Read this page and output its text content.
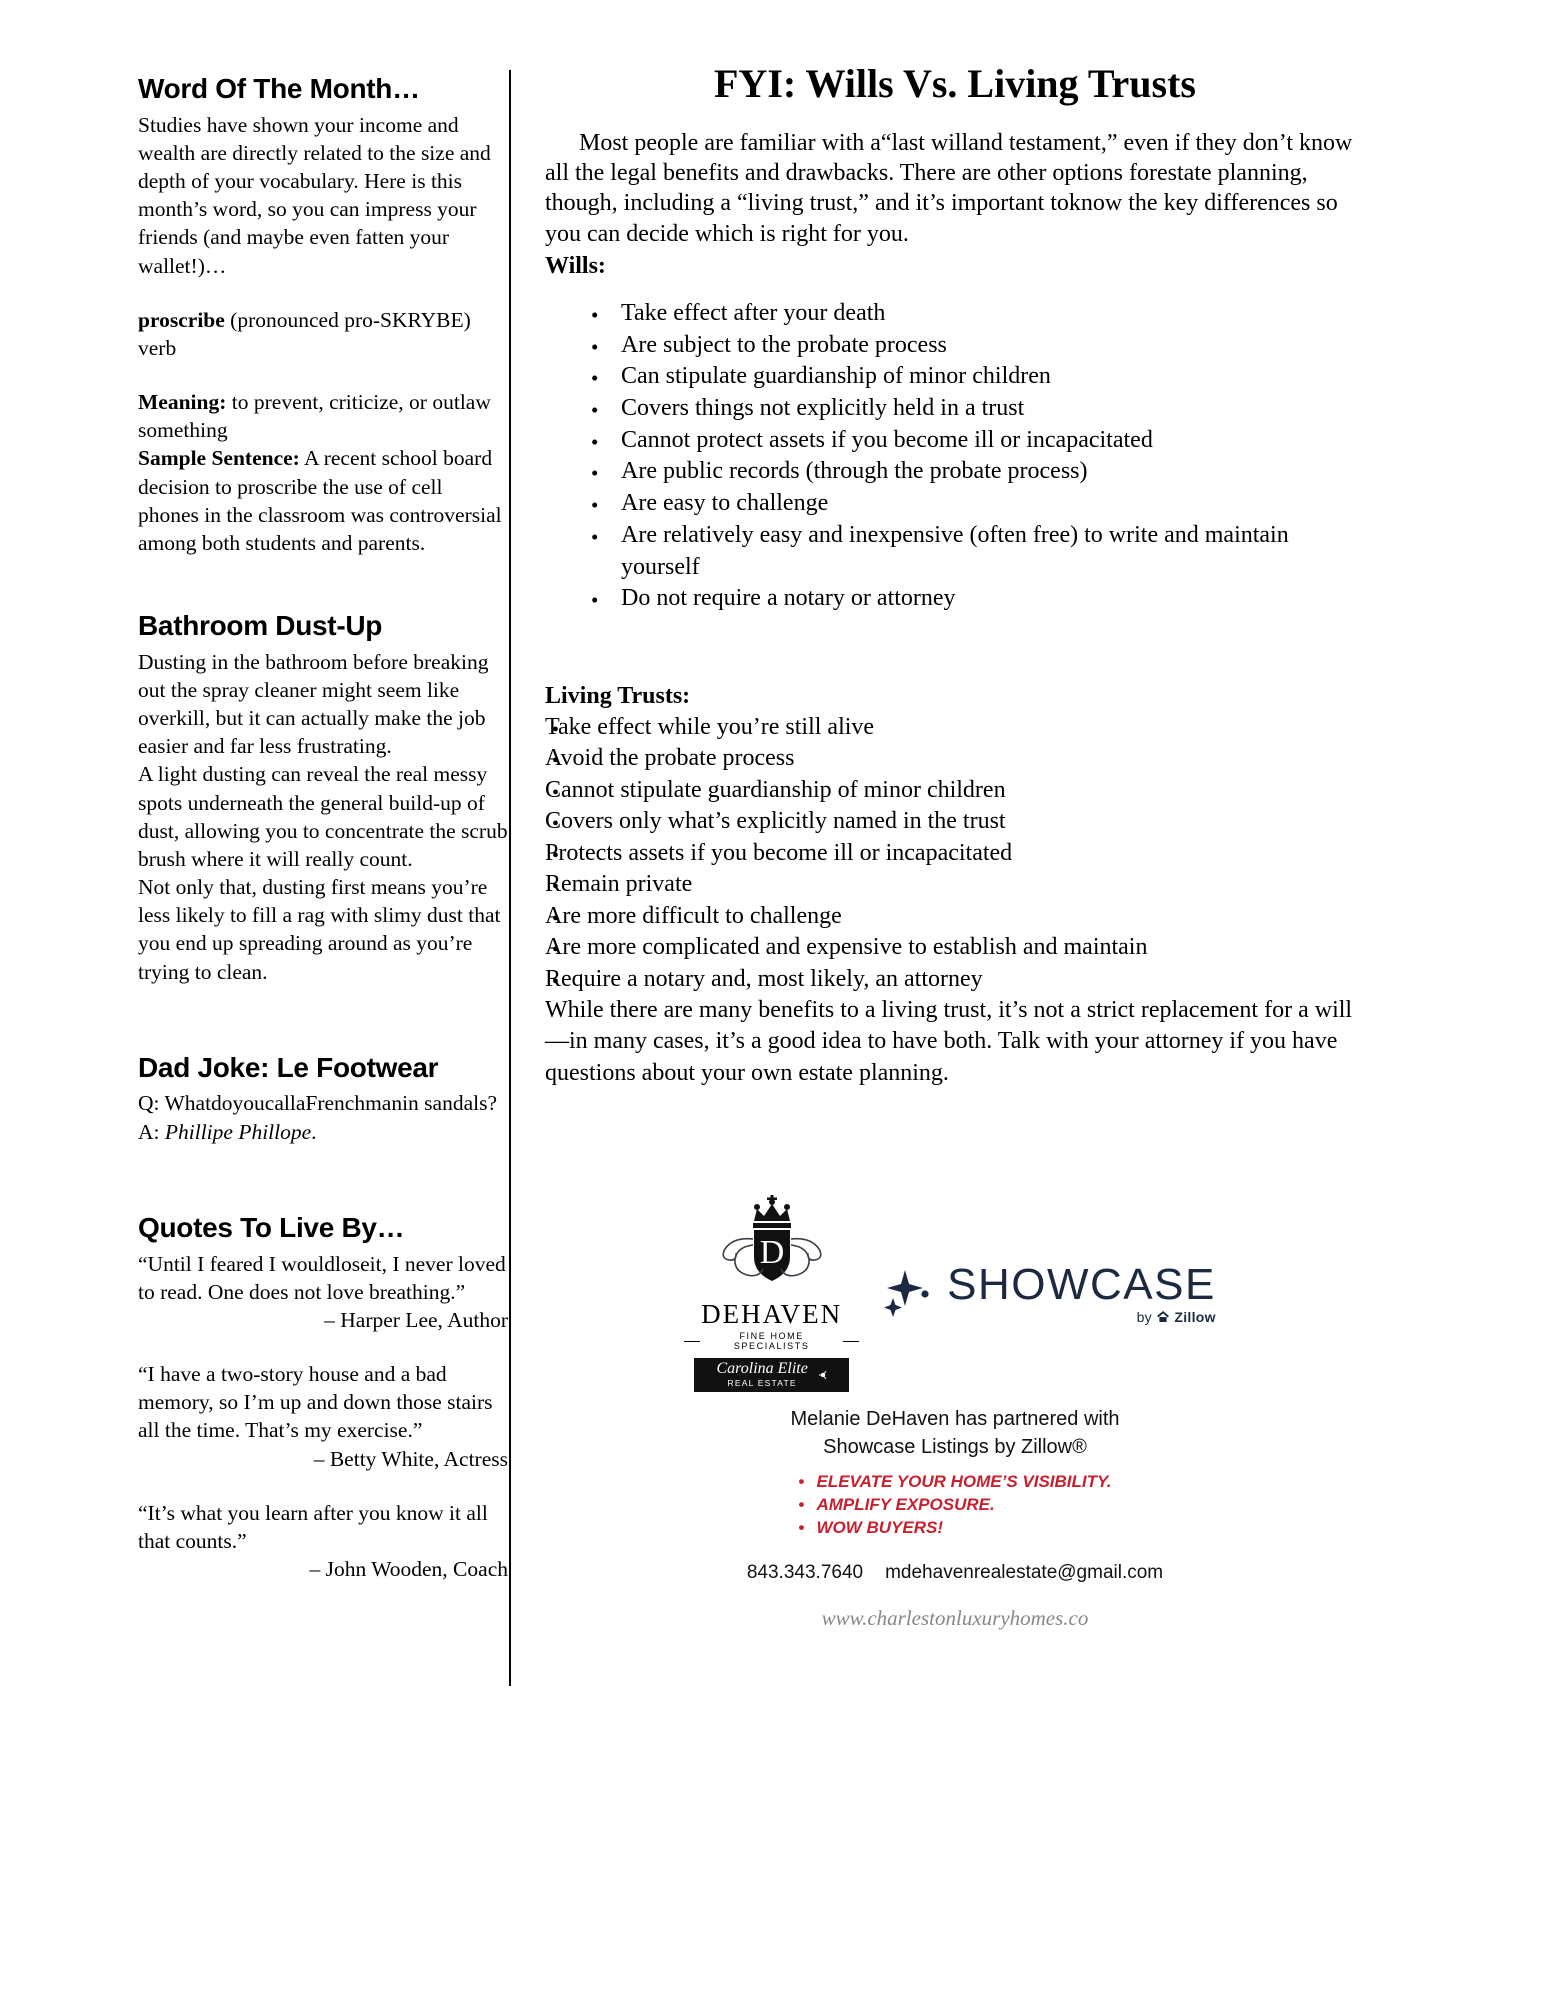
Word Of The Month…

Studies have shown your income and wealth are directly related to the size and depth of your vocabulary. Here is this month’s word, so you can impress your friends (and maybe even fatten your wallet!)…

proscribe (pronounced pro-SKRYBE) verb

Meaning: to prevent, criticize, or outlaw something

Sample Sentence: A recent school board decision to proscribe the use of cell phones in the classroom was controversial among both students and parents.

Bathroom Dust-Up

Dusting in the bathroom before breaking out the spray cleaner might seem like overkill, but it can actually make the job easier and far less frustrating.

A light dusting can reveal the real messy spots underneath the general build-up of dust, allowing you to concentrate the scrub brush where it will really count.

Not only that, dusting first means you’re less likely to fill a rag with slimy dust that you end up spreading around as you’re trying to clean.

Dad Joke: Le Footwear

Q: WhatdoyoucallaFrenchmanin sandals?

A: Phillipe Phillope.

Quotes To Live By…

“Until I feared I wouldloseit, I never loved to read. One does not love breathing.”

– Harper Lee, Author

“I have a two-story house and a bad memory, so I’m up and down those stairs all the time. That’s my exercise.”

– Betty White, Actress

“It’s what you learn after you know it all that counts.”

– John Wooden, Coach

FYI: Wills Vs. Living Trusts

Most people are familiar with a“last willand testament,” even if they don’t know all the legal benefits and drawbacks. There are other options forestate planning, though, including a “living trust,” and it’s important toknow the key differences so you can decide which is right for you.

Wills:

• Take effect after your death
• Are subject to the probate process
• Can stipulate guardianship of minor children
• Covers things not explicitly held in a trust
• Cannot protect assets if you become ill or incapacitated
• Are public records (through the probate process)
• Are easy to challenge
• Are relatively easy and inexpensive (often free) to write and maintain yourself
• Do not require a notary or attorney

Living Trusts:

• Take effect while you’re still alive
• Avoid the probate process
• Cannot stipulate guardianship of minor children
• Covers only what’s explicitly named in the trust
• Protects assets if you become ill or incapacitated
• Remain private
• Are more difficult to challenge
• Are more complicated and expensive to establish and maintain
• Require a notary and, most likely, an attorney

While there are many benefits to a living trust, it’s not a strict replacement for a will—in many cases, it’s a good idea to have both. Talk with your attorney if you have questions about your own estate planning.

D
DEHAVEN
FINE HOME SPECIALISTS
Carolina Elite
REAL ESTATE
SHOWCASE
by Zillow

Melanie DeHaven has partnered with
Showcase Listings by Zillow®

• ELEVATE YOUR HOME’S VISIBILITY.
• AMPLIFY EXPOSURE.
• WOW BUYERS!
843.343.7640 mdehavenrealestate@gmail.com
www.charlestonluxuryhomes.co
